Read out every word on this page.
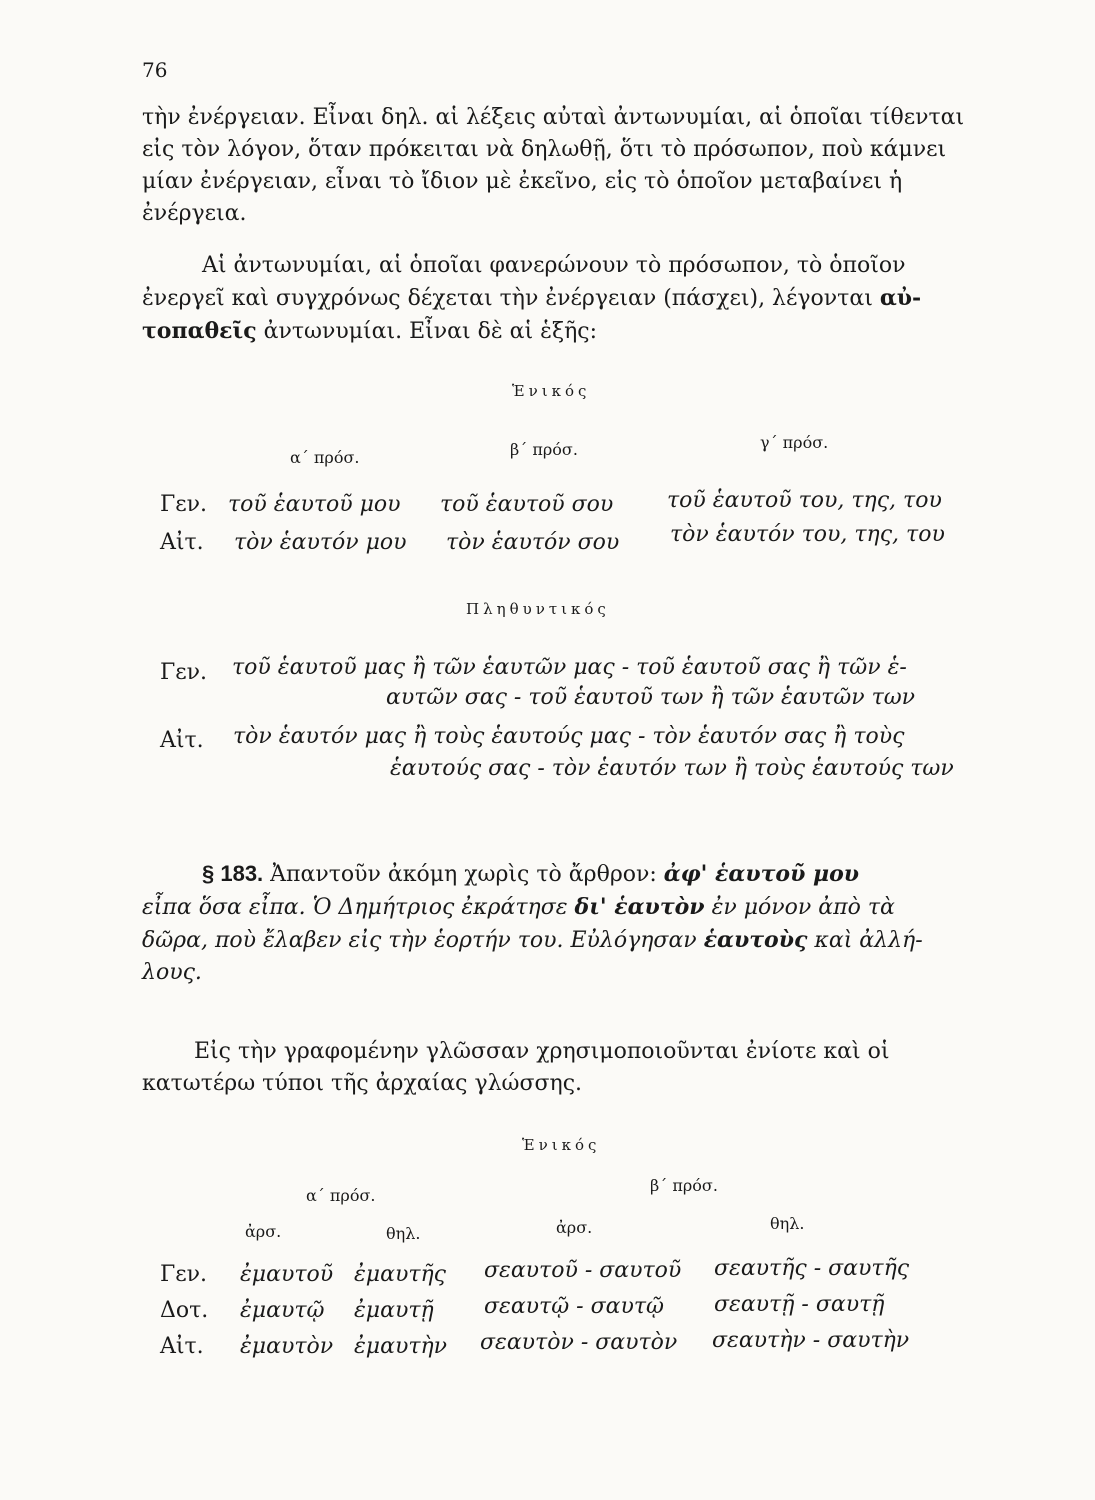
76
τὴν ἐνέργειαν. Εἶναι δηλ. αἱ λέξεις αὐταὶ ἀντωνυμίαι, αἱ ὁποῖαι τίθενται
εἰς τὸν λόγον, ὅταν πρόκειται νὰ δηλωθῇ, ὅτι τὸ πρόσωπον, ποὺ κάμνει
μίαν ἐνέργειαν, εἶναι τὸ ἴδιον μὲ ἐκεῖνο, εἰς τὸ ὁποῖον μεταβαίνει ἡ
ἐνέργεια.
Αἱ ἀντωνυμίαι, αἱ ὁποῖαι φανερώνουν τὸ πρόσωπον, τὸ ὁποῖον
ἐνεργεῖ καὶ συγχρόνως δέχεται τὴν ἐνέργειαν (πάσχει), λέγονται αὐ-
τοπαθεῖς ἀντωνυμίαι. Εἶναι δὲ αἱ ἑξῆς:
Ἑνικός
α΄ πρόσ.	β΄ πρόσ.	γ΄ πρόσ.
Γεν. τοῦ ἑαυτοῦ μου τοῦ ἑαυτοῦ σου τοῦ ἑαυτοῦ του, της, του
Αἰτ. τὸν ἑαυτόν μου τὸν ἑαυτόν σου τὸν ἑαυτόν του, της, του
Πληθυντικός
Γεν. τοῦ ἑαυτοῦ μας ἢ τῶν ἑαυτῶν μας - τοῦ ἑαυτοῦ σας ἢ τῶν ἑ-
αυτῶν σας - τοῦ ἑαυτοῦ των ἢ τῶν ἑαυτῶν των
Αἰτ. τὸν ἑαυτόν μας ἢ τοὺς ἑαυτούς μας - τὸν ἑαυτόν σας ἢ τοὺς
ἑαυτούς σας - τὸν ἑαυτόν των ἢ τοὺς ἑαυτούς των
§ 183. Ἀπαντοῦν ἀκόμη χωρὶς τὸ ἄρθρον: ἀφ' ἑαυτοῦ μου
εἶπα ὅσα εἶπα. Ὁ Δημήτριος ἐκράτησε δι' ἑαυτὸν ἐν μόνον ἀπὸ τὰ
δῶρα, ποὺ ἔλαβεν εἰς τὴν ἑορτήν του. Εὐλόγησαν ἑαυτοὺς καὶ ἀλλή-
λους.
Εἰς τὴν γραφομένην γλῶσσαν χρησιμοποιοῦνται ἐνίοτε καὶ οἱ
κατωτέρω τύποι τῆς ἀρχαίας γλώσσης.
Ἑνικός
α΄ πρόσ.
β΄ πρόσ.
ἀρσ.	θηλ.	ἀρσ.	θηλ.
Γεν. ἐμαυτοῦ ἐμαυτῆς σεαυτοῦ - σαυτοῦ σεαυτῆς - σαυτῆς
Δοτ. ἐμαυτῷ ἐμαυτῇ σεαυτῷ - σαυτῷ σεαυτῇ - σαυτῇ
Αἰτ. ἐμαυτὸν ἐμαυτὴν σεαυτὸν - σαυτὸν σεαυτὴν - σαυτὴν
